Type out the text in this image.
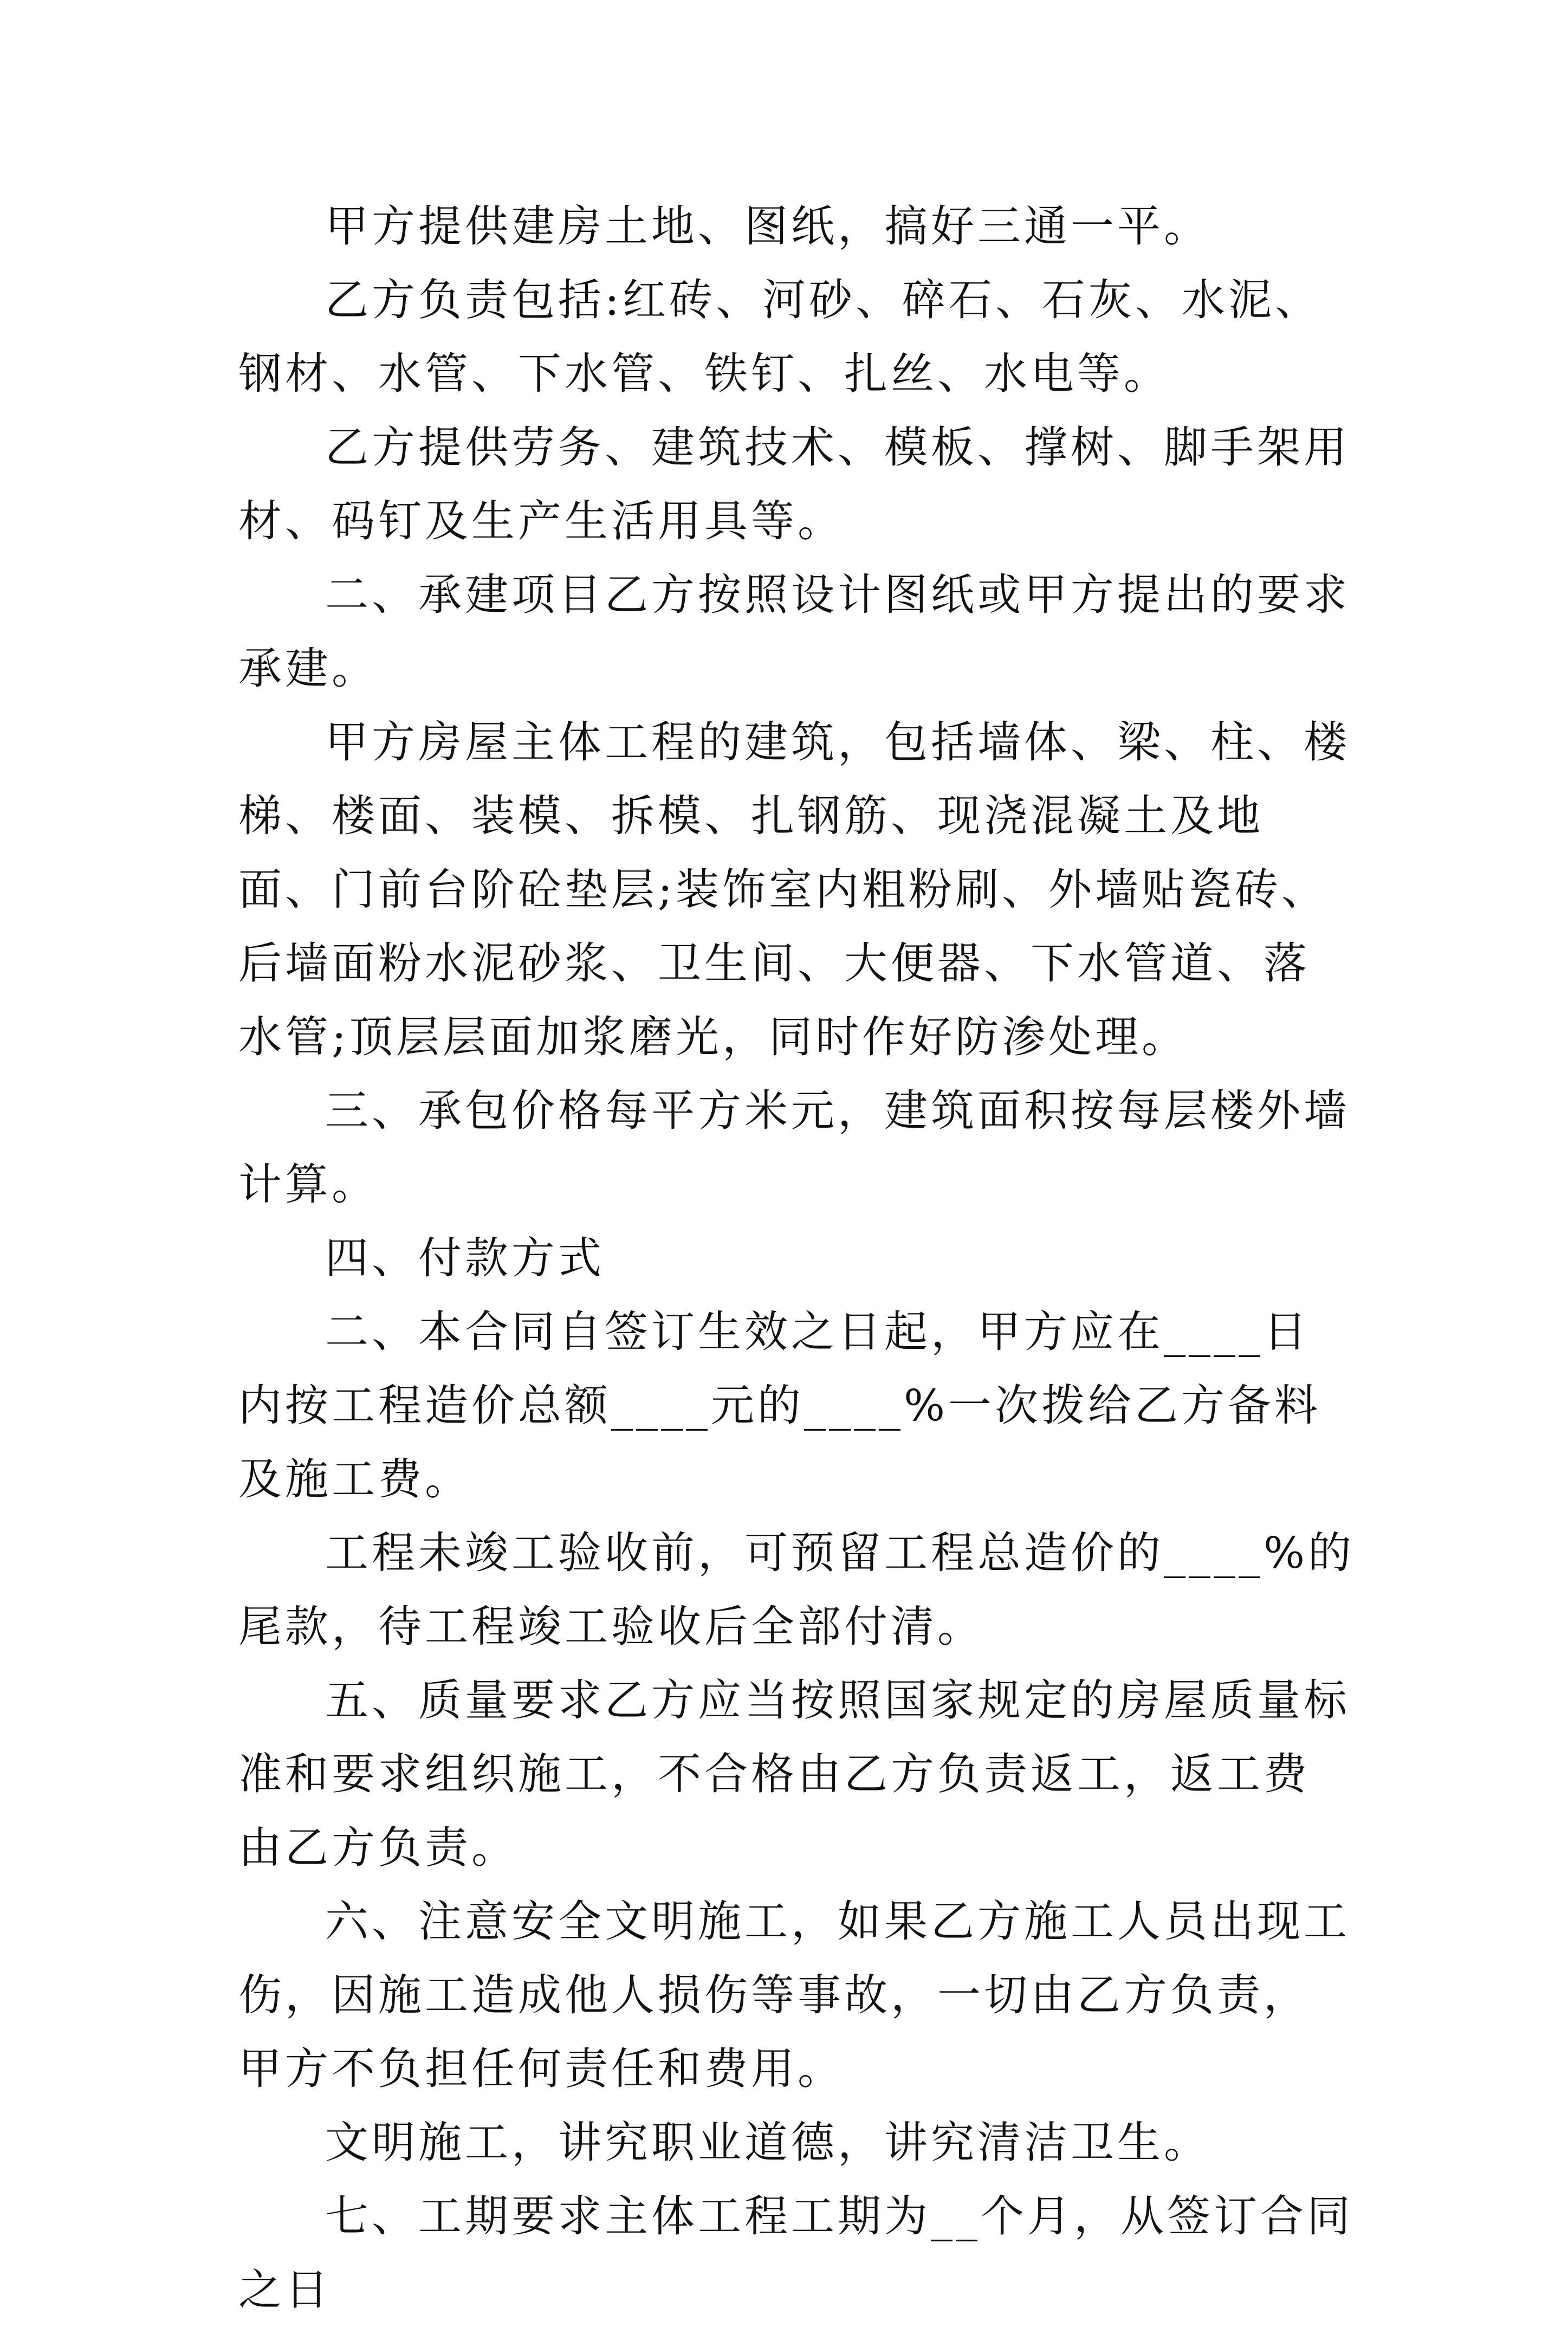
甲方提供建房土地、图纸，搞好三通一平。

乙方负责包括:红砖、河砂、碎石、石灰、水泥、钢材、水管、下水管、铁钉、扎丝、水电等。

乙方提供劳务、建筑技术、模板、撑树、脚手架用材、码钉及生产生活用具等。

二、承建项目乙方按照设计图纸或甲方提出的要求承建。

甲方房屋主体工程的建筑，包括墙体、梁、柱、楼梯、楼面、装模、拆模、扎钢筋、现浇混凝土及地面、门前台阶砼垫层;装饰室内粗粉刷、外墙贴瓷砖、后墙面粉水泥砂浆、卫生间、大便器、下水管道、落水管;顶层层面加浆磨光，同时作好防渗处理。

三、承包价格每平方米元，建筑面积按每层楼外墙计算。

四、付款方式

二、本合同自签订生效之日起，甲方应在____日内按工程造价总额____元的____%一次拨给乙方备料及施工费。

工程未竣工验收前，可预留工程总造价的____%的尾款，待工程竣工验收后全部付清。

五、质量要求乙方应当按照国家规定的房屋质量标准和要求组织施工，不合格由乙方负责返工，返工费由乙方负责。

六、注意安全文明施工，如果乙方施工人员出现工伤，因施工造成他人损伤等事故，一切由乙方负责，甲方不负担任何责任和费用。

文明施工，讲究职业道德，讲究清洁卫生。

七、工期要求主体工程工期为__个月，从签订合同之日
